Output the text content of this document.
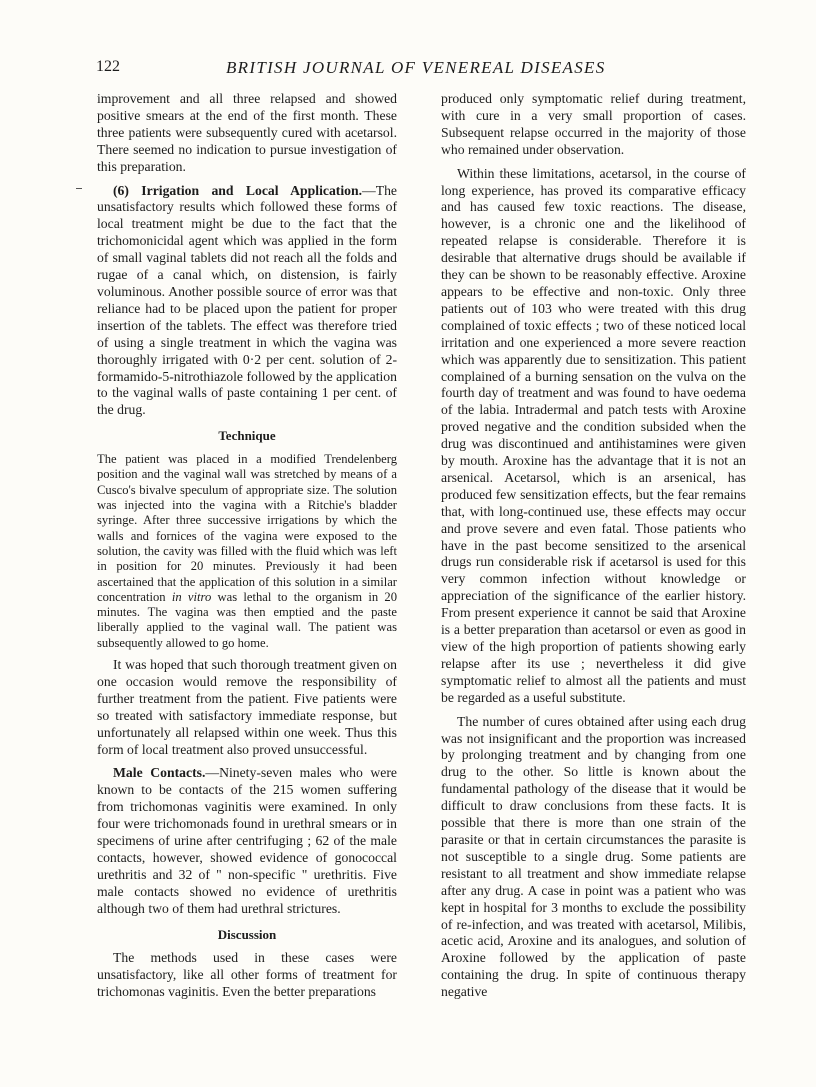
122	BRITISH JOURNAL OF VENEREAL DISEASES

improvement and all three relapsed and showed positive smears at the end of the first month. These three patients were subsequently cured with acetarsol. There seemed no indication to pursue investigation of this preparation.

(6) Irrigation and Local Application.—The unsatisfactory results which followed these forms of local treatment might be due to the fact that the trichomonicidal agent which was applied in the form of small vaginal tablets did not reach all the folds and rugae of a canal which, on distension, is fairly voluminous. Another possible source of error was that reliance had to be placed upon the patient for proper insertion of the tablets. The effect was therefore tried of using a single treatment in which the vagina was thoroughly irrigated with 0·2 per cent. solution of 2-formamido-5-nitrothiazole followed by the application to the vaginal walls of paste containing 1 per cent. of the drug.

Technique

The patient was placed in a modified Trendelenberg position and the vaginal wall was stretched by means of a Cusco's bivalve speculum of appropriate size. The solution was injected into the vagina with a Ritchie's bladder syringe. After three successive irrigations by which the walls and fornices of the vagina were exposed to the solution, the cavity was filled with the fluid which was left in position for 20 minutes. Previously it had been ascertained that the application of this solution in a similar concentration in vitro was lethal to the organism in 20 minutes. The vagina was then emptied and the paste liberally applied to the vaginal wall. The patient was subsequently allowed to go home.

It was hoped that such thorough treatment given on one occasion would remove the responsibility of further treatment from the patient. Five patients were so treated with satisfactory immediate response, but unfortunately all relapsed within one week. Thus this form of local treatment also proved unsuccessful.

Male Contacts.—Ninety-seven males who were known to be contacts of the 215 women suffering from trichomonas vaginitis were examined. In only four were trichomonads found in urethral smears or in specimens of urine after centrifuging ; 62 of the male contacts, however, showed evidence of gonococcal urethritis and 32 of " non-specific " urethritis. Five male contacts showed no evidence of urethritis although two of them had urethral strictures.

Discussion

The methods used in these cases were unsatisfactory, like all other forms of treatment for trichomonas vaginitis. Even the better preparations

produced only symptomatic relief during treatment, with cure in a very small proportion of cases. Subsequent relapse occurred in the majority of those who remained under observation.

Within these limitations, acetarsol, in the course of long experience, has proved its comparative efficacy and has caused few toxic reactions. The disease, however, is a chronic one and the likelihood of repeated relapse is considerable. Therefore it is desirable that alternative drugs should be available if they can be shown to be reasonably effective. Aroxine appears to be effective and non-toxic. Only three patients out of 103 who were treated with this drug complained of toxic effects ; two of these noticed local irritation and one experienced a more severe reaction which was apparently due to sensitization. This patient complained of a burning sensation on the vulva on the fourth day of treatment and was found to have oedema of the labia. Intradermal and patch tests with Aroxine proved negative and the condition subsided when the drug was discontinued and antihistamines were given by mouth. Aroxine has the advantage that it is not an arsenical. Acetarsol, which is an arsenical, has produced few sensitization effects, but the fear remains that, with long-continued use, these effects may occur and prove severe and even fatal. Those patients who have in the past become sensitized to the arsenical drugs run considerable risk if acetarsol is used for this very common infection without knowledge or appreciation of the significance of the earlier history. From present experience it cannot be said that Aroxine is a better preparation than acetarsol or even as good in view of the high proportion of patients showing early relapse after its use ; nevertheless it did give symptomatic relief to almost all the patients and must be regarded as a useful substitute.

The number of cures obtained after using each drug was not insignificant and the proportion was increased by prolonging treatment and by changing from one drug to the other. So little is known about the fundamental pathology of the disease that it would be difficult to draw conclusions from these facts. It is possible that there is more than one strain of the parasite or that in certain circumstances the parasite is not susceptible to a single drug. Some patients are resistant to all treatment and show immediate relapse after any drug. A case in point was a patient who was kept in hospital for 3 months to exclude the possibility of re-infection, and was treated with acetarsol, Milibis, acetic acid, Aroxine and its analogues, and solution of Aroxine followed by the application of paste containing the drug. In spite of continuous therapy negative
